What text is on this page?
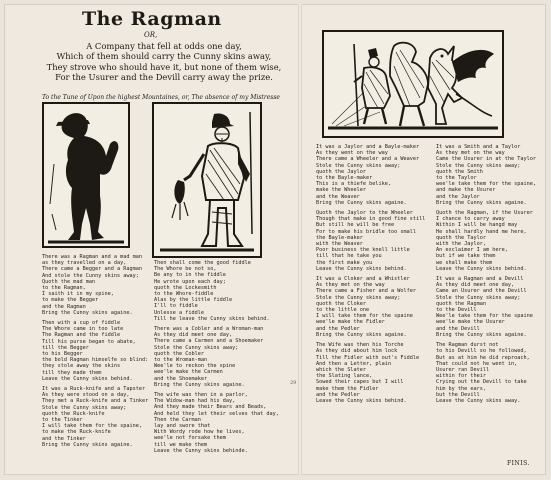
The Ragman
OR,
A Company that fell at odds one day,
Which of them should carry the Cunny skins away,
They strove who should have it, but none of them wise,
For the Usurer and the Devill carry away the prize.
To the Tune of Upon the highest Mountaines, or, The absence of my Mistresse
There was a Ragman and a mad man
as they travelled on a day,
There came a Begger and a Ragman
And stole the Cunny skins away;
Quoth the mad man
to the Ragman,
I saith it in my spine,
to make the Begger
and the Ragman
Bring the Cunny skins againe.
Then with a cup of fiddle
The Whore came in too late
The Ragman and the fiddle
Till his purse began to abate,
till the Begger
to his Begger
the bold Ragman himselfe so blind:
they stole away the skins
till they made them
Leave the Cunny skins behind.
It was a Ruck-knife and a Tapster
As they were stood on a day,
They met a Ruck-knife and a Tinker
Stole the Cunny skins away;
quoth the Ruck-knife
to the Tinker
I will take them for the spaine,
to make the Ruck-knife
and the Tinker
Bring the Cunny skins againe.
Then shall come the good fiddle
The Whore be not so,
Be any to in the fiddle
He wrote upon each day;
quoth the Lockesmith
to the Whore-fiddle
Alas by the little fiddle
I'll to fiddle
Unlesse a fiddle
Till he leave the Cunny skins behind.
There was a Cobler and a Wroman-man
As they did meet one day,
There came a Carmen and a Shoemaker
Stole the Cunny skins away;
quoth the Cobler
to the Wroman-man
Wee'le to reckon the spine
wee'le make the Carmen
and the Shoemaker
Bring the Cunny skins againe.
The wife was then in a parlor,
The Widow-man had his day,
And they made their Bears and Beads,
And held they let their selves that day,
Then the Carman
lay and swore that
With Wordy rode how he lives,
wee'le not forsake them
till we make them
Leave the Cunny skins behinde.
29
It was a Jaylor and a Bayle-maker
As they went on the way
There came a Wheeler and a Weaver
Stole the Cunny skins away;
quoth the Jaylor
to the Bayle-maker
This is a thiefe belike,
make the Wheeler
and the Weaver
Bring the Cunny skins againe.
Quoth the Jaylor to the Wheeler
Though that make in good fine still
But still he will be free
For to make his bridle too small
the Bayle-maker
with the Weaver
Poor business the knell little
till that he take you
the first make you
Leave the Cunny skins behind.
It was a Cloker and a Whistler
As they met on the way
There came a Fisher and a Wolfer
Stole the Cunny skins away;
quoth the Cloker
to the little one
I will take them for the spaine
wee'le make the Fidler
and the Pedler
Bring the Cunny skins againe.
The Wife was then his Torche
As they did about him lock
Till the Fidler with out's Fiddle
And then a Letter, plain
which the Slater
the Slating lance,
Sowed their capes but I will
make them the Fidler
and the Pedler
Leave the Cunny skins behind.
It was a Smith and a Taylor
As they met on the way
Came the Usurer in at the Taylor
Stole the Cunny skins away;
quoth the Smith
to the Taylor
wee'le take them for the spaine,
and make the Usurer
and the Jaylor
Bring the Cunny skins againe.
Quoth the Ragman, if the Usurer
I chance to carry away
Within I will be hangd may
He shall hardly hand me here,
quoth the Taylor
with the Jaylor,
An exclaimer I am here,
but if we take them
we shall make them
Leave the Cunny skins behind.
It was a Ragman and a Devill
As they did meet one day,
Came an Usurer and the Devill
Stole the Cunny skins away;
quoth the Ragman
to the Devill
Wee'le take them for the spaine
wee'le make the Usurer
and the Devill
Bring the Cunny skins againe.
The Ragman durst not
to his Devill so he followed,
But as at him he did reproach,
That could not he went in,
Usurer ran Devill
within for their
Crying out the Devill to take
him by the ears,
but the Devill
Leave the Cunny skins away.
FINIS.
